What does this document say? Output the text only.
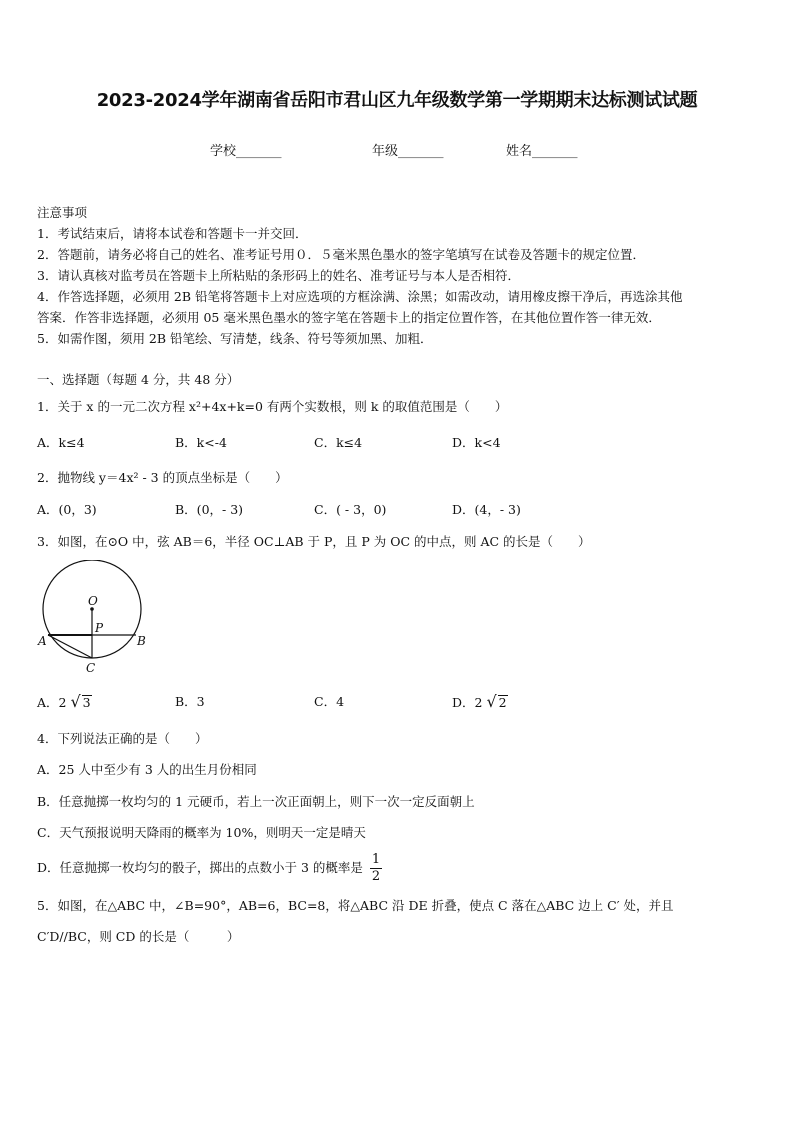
2023-2024学年湖南省岳阳市君山区九年级数学第一学期期末达标测试试题
学校_______	年级_______	姓名_______
注意事项
1．考试结束后，请将本试卷和答题卡一并交回．
2．答题前，请务必将自己的姓名、准考证号用０．５毫米黑色墨水的签字笔填写在试卷及答题卡的规定位置．
3．请认真核对监考员在答题卡上所粘贴的条形码上的姓名、准考证号与本人是否相符．
4．作答选择题，必须用 2B 铅笔将答题卡上对应选项的方框涂满、涂黑；如需改动，请用橡皮擦干净后，再选涂其他
答案．作答非选择题，必须用 05 毫米黑色墨水的签字笔在答题卡上的指定位置作答，在其他位置作答一律无效．
5．如需作图，须用 2B 铅笔绘、写清楚，线条、符号等须加黑、加粗．
一、选择题（每题 4 分，共 48 分）
1．关于 x 的一元二次方程 x²+4x+k=0 有两个实数根，则 k 的取值范围是（　　）
A．k≤4	B．k<-4	C．k≤4	D．k<4
2．抛物线 y＝4x² - 3 的顶点坐标是（　　）
A．(0，3)	B．(0，- 3)	C．( - 3，0)	D．(4，- 3)
3．如图，在⊙O 中，弦 AB＝6，半径 OC⊥AB 于 P，且 P 为 OC 的中点，则 AC 的长是（　　）
O
P
A	B
C
A．2 √ 3	B．3	C．4	D．2 √ 2
4．下列说法正确的是（　　）
A．25 人中至少有 3 人的出生月份相同
B．任意抛掷一枚均匀的 1 元硬币，若上一次正面朝上，则下一次一定反面朝上
C．天气预报说明天降雨的概率为 10%，则明天一定是晴天
D．任意抛掷一枚均匀的骰子，掷出的点数小于 3 的概率是 $\frac{1}{2}$
5．如图，在△ABC 中，∠B=90°，AB=6，BC=8，将△ABC 沿 DE 折叠，使点 C 落在△ABC 边上 C′ 处，并且
C′D//BC，则 CD 的长是（　　　）
